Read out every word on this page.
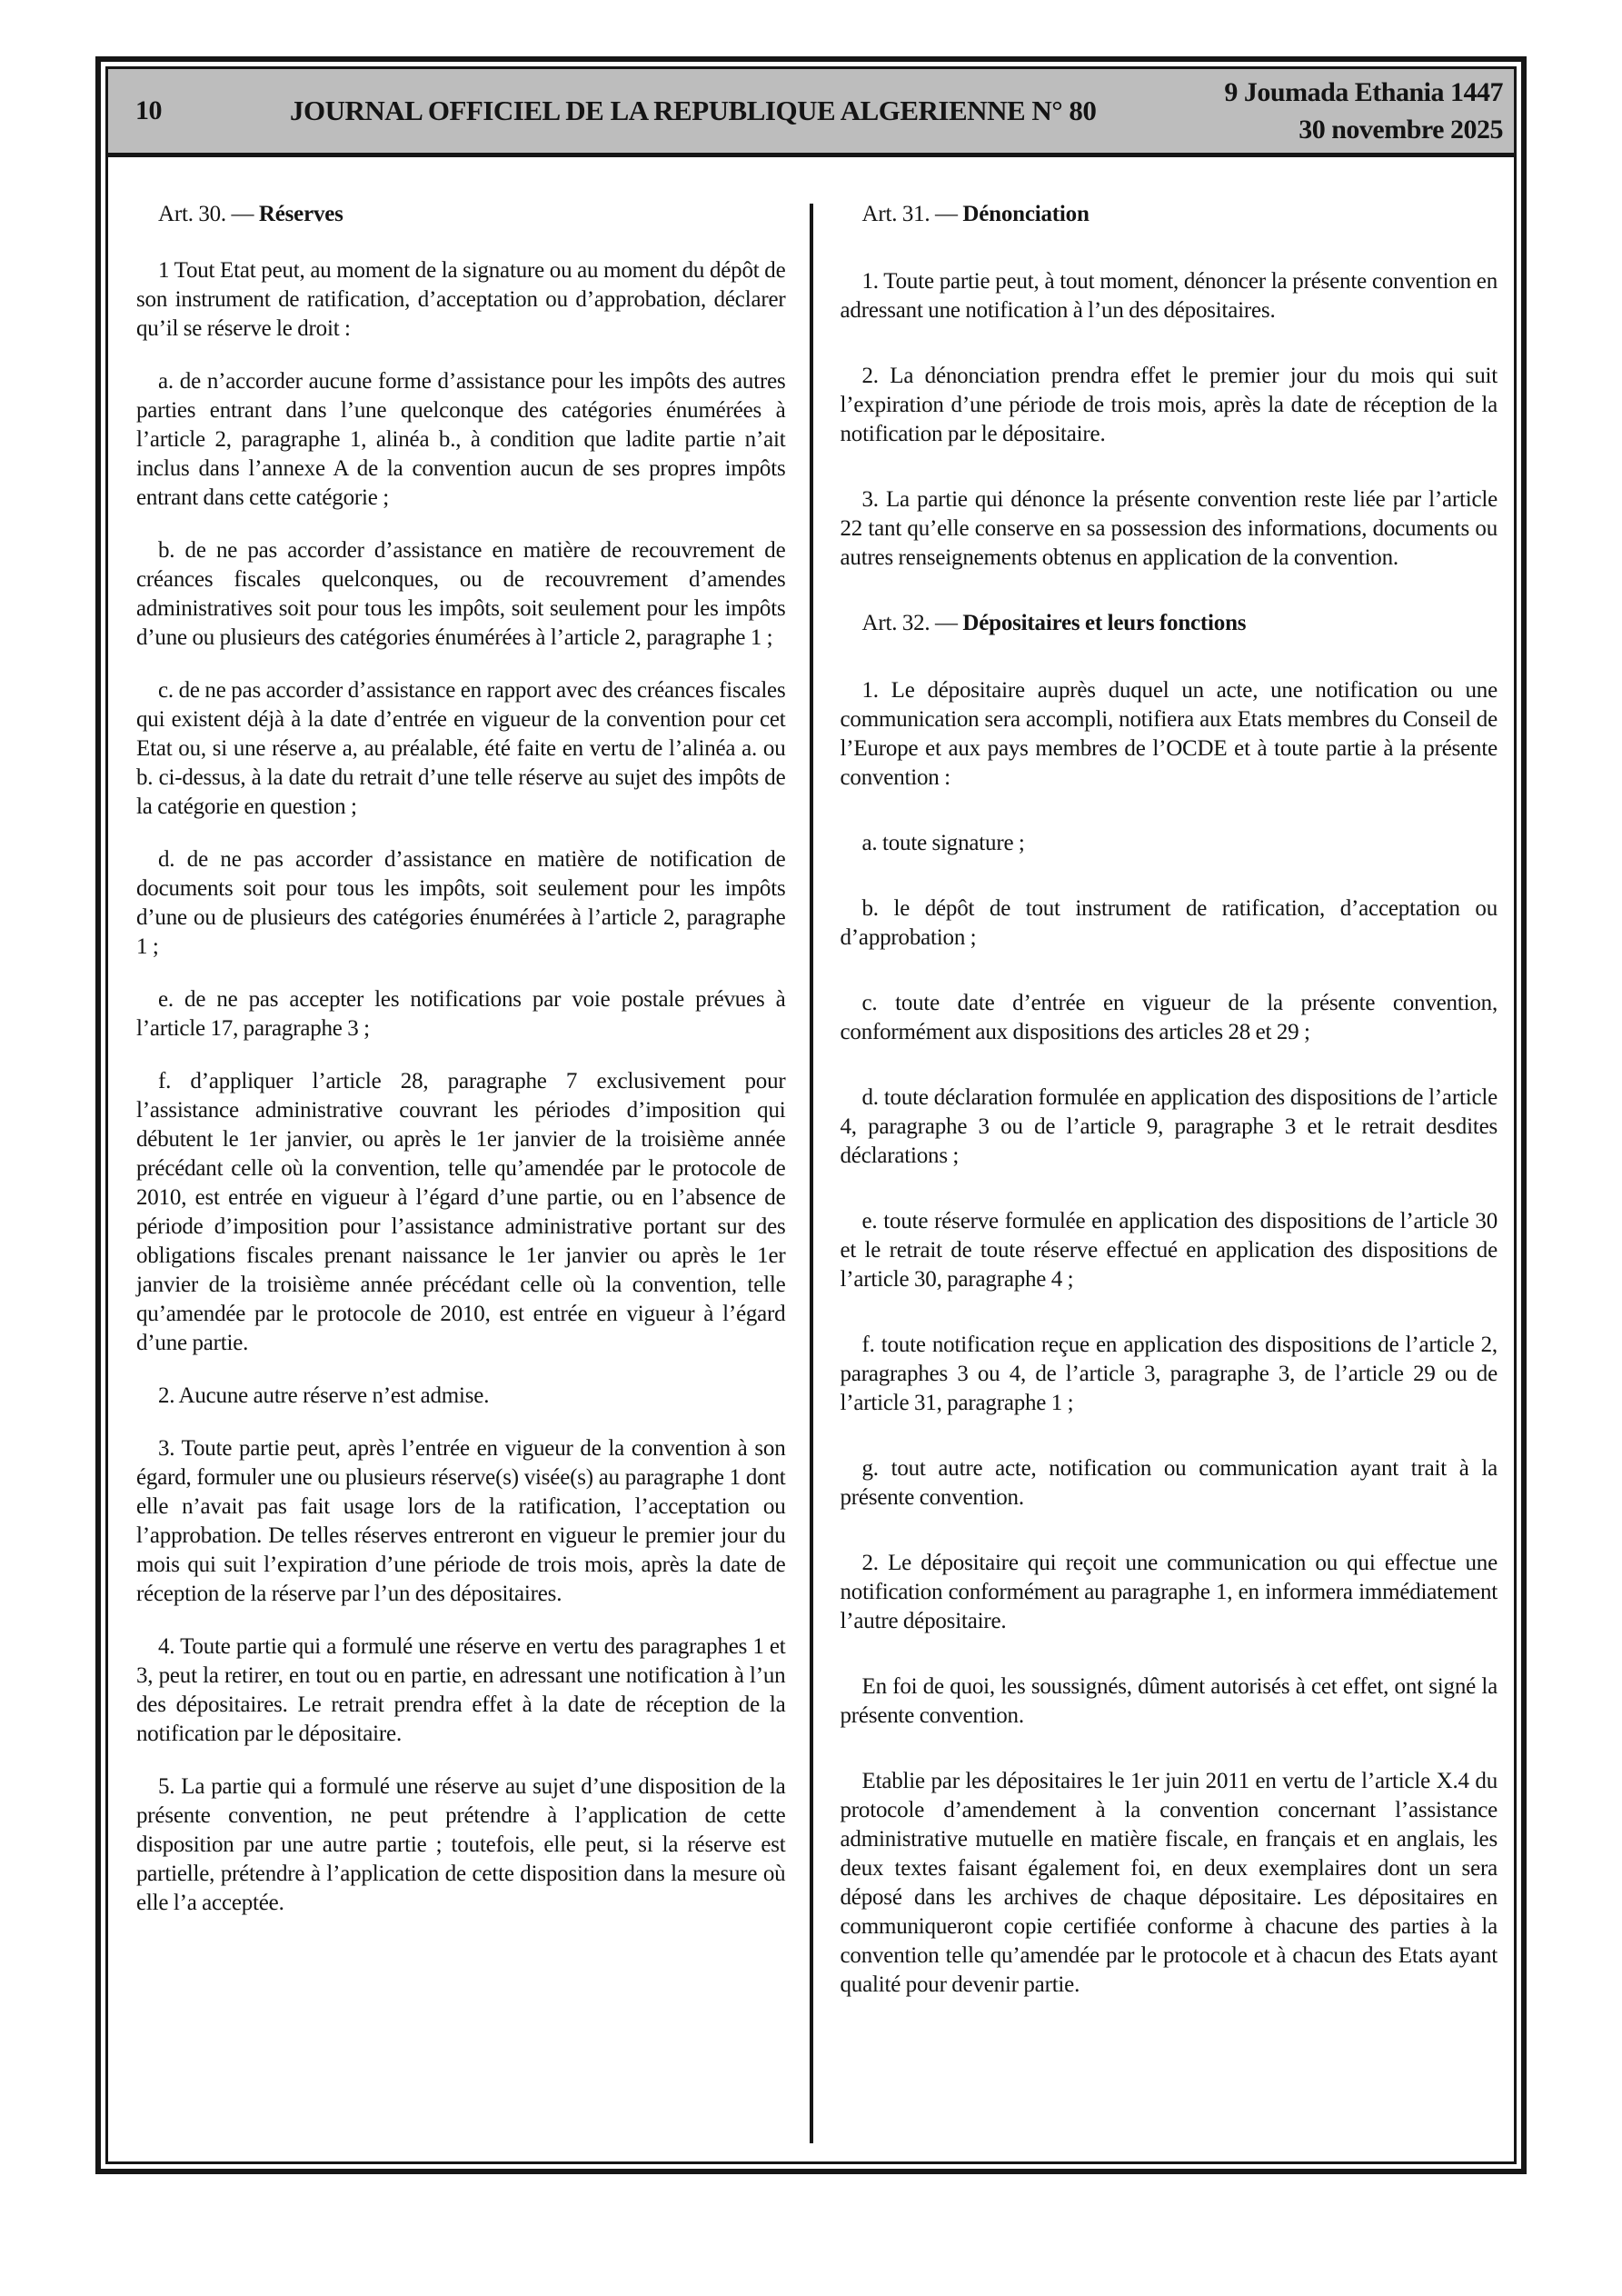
10	JOURNAL OFFICIEL DE LA REPUBLIQUE ALGERIENNE N° 80
9 Joumada Ethania 1447
30 novembre 2025

Art. 30. — Réserves

1 Tout Etat peut, au moment de la signature ou au moment du dépôt de son instrument de ratification, d’acceptation ou d’approbation, déclarer qu’il se réserve le droit :

a. de n’accorder aucune forme d’assistance pour les impôts des autres parties entrant dans l’une quelconque des catégories énumérées à l’article 2, paragraphe 1, alinéa b., à condition que ladite partie n’ait inclus dans l’annexe A de la convention aucun de ses propres impôts entrant dans cette catégorie ;

b. de ne pas accorder d’assistance en matière de recouvrement de créances fiscales quelconques, ou de recouvrement d’amendes administratives soit pour tous les impôts, soit seulement pour les impôts d’une ou plusieurs des catégories énumérées à l’article 2, paragraphe 1 ;

c. de ne pas accorder d’assistance en rapport avec des créances fiscales qui existent déjà à la date d’entrée en vigueur de la convention pour cet Etat ou, si une réserve a, au préalable, été faite en vertu de l’alinéa a. ou b. ci-dessus, à la date du retrait d’une telle réserve au sujet des impôts de la catégorie en question ;

d. de ne pas accorder d’assistance en matière de notification de documents soit pour tous les impôts, soit seulement pour les impôts d’une ou de plusieurs des catégories énumérées à l’article 2, paragraphe 1 ;

e. de ne pas accepter les notifications par voie postale prévues à l’article 17, paragraphe 3 ;

f. d’appliquer l’article 28, paragraphe 7 exclusivement pour l’assistance administrative couvrant les périodes d’imposition qui débutent le 1er janvier, ou après le 1er janvier de la troisième année précédant celle où la convention, telle qu’amendée par le protocole de 2010, est entrée en vigueur à l’égard d’une partie, ou en l’absence de période d’imposition pour l’assistance administrative portant sur des obligations fiscales prenant naissance le 1er janvier ou après le 1er janvier de la troisième année précédant celle où la convention, telle qu’amendée par le protocole de 2010, est entrée en vigueur à l’égard d’une partie.

2. Aucune autre réserve n’est admise.

3. Toute partie peut, après l’entrée en vigueur de la convention à son égard, formuler une ou plusieurs réserve(s) visée(s) au paragraphe 1 dont elle n’avait pas fait usage lors de la ratification, l’acceptation ou l’approbation. De telles réserves entreront en vigueur le premier jour du mois qui suit l’expiration d’une période de trois mois, après la date de réception de la réserve par l’un des dépositaires.

4. Toute partie qui a formulé une réserve en vertu des paragraphes 1 et 3, peut la retirer, en tout ou en partie, en adressant une notification à l’un des dépositaires. Le retrait prendra effet à la date de réception de la notification par le dépositaire.

5. La partie qui a formulé une réserve au sujet d’une disposition de la présente convention, ne peut prétendre à l’application de cette disposition par une autre partie ; toutefois, elle peut, si la réserve est partielle, prétendre à l’application de cette disposition dans la mesure où elle l’a acceptée.

Art. 31. — Dénonciation

1. Toute partie peut, à tout moment, dénoncer la présente convention en adressant une notification à l’un des dépositaires.

2. La dénonciation prendra effet le premier jour du mois qui suit l’expiration d’une période de trois mois, après la date de réception de la notification par le dépositaire.

3. La partie qui dénonce la présente convention reste liée par l’article 22 tant qu’elle conserve en sa possession des informations, documents ou autres renseignements obtenus en application de la convention.

Art. 32. — Dépositaires et leurs fonctions

1. Le dépositaire auprès duquel un acte, une notification ou une communication sera accompli, notifiera aux Etats membres du Conseil de l’Europe et aux pays membres de l’OCDE et à toute partie à la présente convention :

a. toute signature ;

b. le dépôt de tout instrument de ratification, d’acceptation ou d’approbation ;

c. toute date d’entrée en vigueur de la présente convention, conformément aux dispositions des articles 28 et 29 ;

d. toute déclaration formulée en application des dispositions de l’article 4, paragraphe 3 ou de l’article 9, paragraphe 3 et le retrait desdites déclarations ;

e. toute réserve formulée en application des dispositions de l’article 30 et le retrait de toute réserve effectué en application des dispositions de l’article 30, paragraphe 4 ;

f. toute notification reçue en application des dispositions de l’article 2, paragraphes 3 ou 4, de l’article 3, paragraphe 3, de l’article 29 ou de l’article 31, paragraphe 1 ;

g. tout autre acte, notification ou communication ayant trait à la présente convention.

2. Le dépositaire qui reçoit une communication ou qui effectue une notification conformément au paragraphe 1, en informera immédiatement l’autre dépositaire.

En foi de quoi, les soussignés, dûment autorisés à cet effet, ont signé la présente convention.

Etablie par les dépositaires le 1er juin 2011 en vertu de l’article X.4 du protocole d’amendement à la convention concernant l’assistance administrative mutuelle en matière fiscale, en français et en anglais, les deux textes faisant également foi, en deux exemplaires dont un sera déposé dans les archives de chaque dépositaire. Les dépositaires en communiqueront copie certifiée conforme à chacune des parties à la convention telle qu’amendée par le protocole et à chacun des Etats ayant qualité pour devenir partie.
